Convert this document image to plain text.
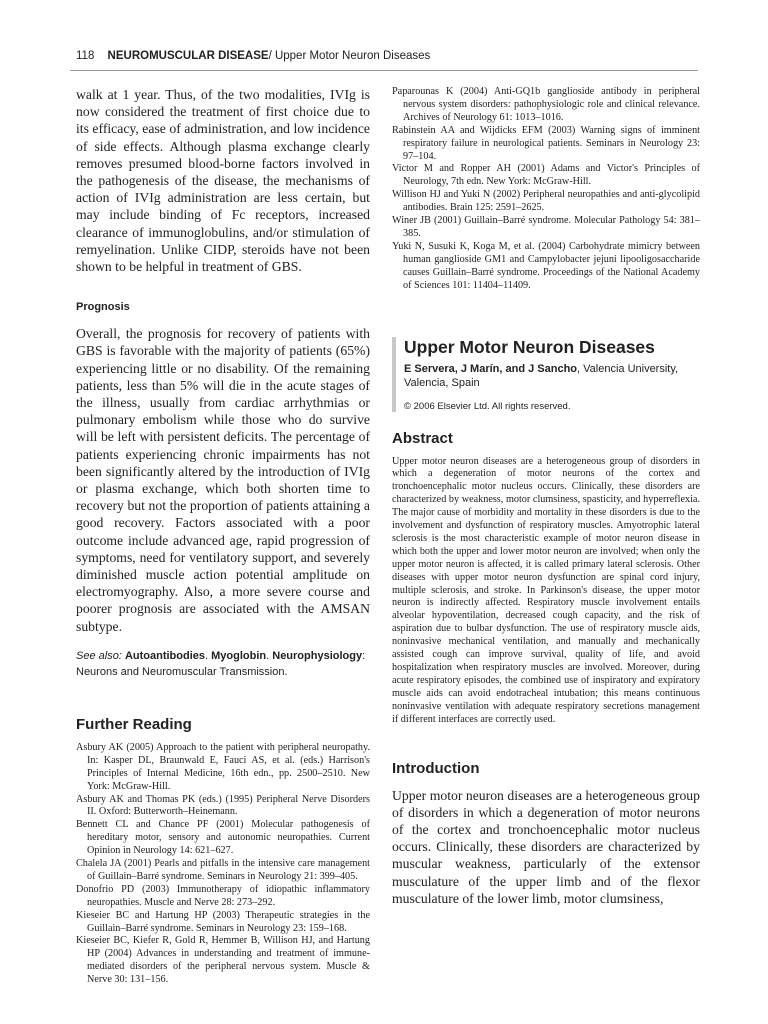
118 NEUROMUSCULAR DISEASE/ Upper Motor Neuron Diseases

walk at 1 year. Thus, of the two modalities, IVIg is now considered the treatment of first choice due to its efficacy, ease of administration, and low incidence of side effects. Although plasma exchange clearly removes presumed blood-borne factors involved in the pathogenesis of the disease, the mechanisms of action of IVIg administration are less certain, but may include binding of Fc receptors, increased clearance of immunoglobulins, and/or stimulation of remyelination. Unlike CIDP, steroids have not been shown to be helpful in treatment of GBS.

Prognosis

Overall, the prognosis for recovery of patients with GBS is favorable with the majority of patients (65%) experiencing little or no disability. Of the remaining patients, less than 5% will die in the acute stages of the illness, usually from cardiac arrhythmias or pulmonary embolism while those who do survive will be left with persistent deficits. The percentage of patients experiencing chronic impairments has not been significantly altered by the introduction of IVIg or plasma exchange, which both shorten time to recovery but not the proportion of patients attaining a good recovery. Factors associated with a poor outcome include advanced age, rapid progression of symptoms, need for ventilatory support, and severely diminished muscle action potential amplitude on electromyography. Also, a more severe course and poorer prognosis are associated with the AMSAN subtype.

See also: Autoantibodies. Myoglobin. Neurophysiology: Neurons and Neuromuscular Transmission.

Further Reading
Asbury AK (2005) Approach to the patient with peripheral neuropathy. In: Kasper DL, Braunwald E, Fauci AS, et al. (eds.) Harrison's Principles of Internal Medicine, 16th edn., pp. 2500–2510. New York: McGraw-Hill.
Asbury AK and Thomas PK (eds.) (1995) Peripheral Nerve Disorders II. Oxford: Butterworth–Heinemann.
Bennett CL and Chance PF (2001) Molecular pathogenesis of hereditary motor, sensory and autonomic neuropathies. Current Opinion in Neurology 14: 621–627.
Chalela JA (2001) Pearls and pitfalls in the intensive care management of Guillain–Barré syndrome. Seminars in Neurology 21: 399–405.
Donofrio PD (2003) Immunotherapy of idiopathic inflammatory neuropathies. Muscle and Nerve 28: 273–292.
Kieseier BC and Hartung HP (2003) Therapeutic strategies in the Guillain–Barré syndrome. Seminars in Neurology 23: 159–168.
Kieseier BC, Kiefer R, Gold R, Hemmer B, Willison HJ, and Hartung HP (2004) Advances in understanding and treatment of immune-mediated disorders of the peripheral nervous system. Muscle & Nerve 30: 131–156.
Paparounas K (2004) Anti-GQ1b ganglioside antibody in peripheral nervous system disorders: pathophysiologic role and clinical relevance. Archives of Neurology 61: 1013–1016.
Rabinstein AA and Wijdicks EFM (2003) Warning signs of imminent respiratory failure in neurological patients. Seminars in Neurology 23: 97–104.
Victor M and Ropper AH (2001) Adams and Victor's Principles of Neurology, 7th edn. New York: McGraw-Hill.
Willison HJ and Yuki N (2002) Peripheral neuropathies and anti-glycolipid antibodies. Brain 125: 2591–2625.
Winer JB (2001) Guillain–Barré syndrome. Molecular Pathology 54: 381–385.
Yuki N, Susuki K, Koga M, et al. (2004) Carbohydrate mimicry between human ganglioside GM1 and Campylobacter jejuni lipooligosaccharide causes Guillain–Barré syndrome. Proceedings of the National Academy of Sciences 101: 11404–11409.
Upper Motor Neuron Diseases

E Servera, J Marín, and J Sancho, Valencia University, Valencia, Spain

© 2006 Elsevier Ltd. All rights reserved.

Abstract

Upper motor neuron diseases are a heterogeneous group of disorders in which a degeneration of motor neurons of the cortex and tronchoencephalic motor nucleus occurs. Clinically, these disorders are characterized by weakness, motor clumsiness, spasticity, and hyperreflexia. The major cause of morbidity and mortality in these disorders is due to the involvement and dysfunction of respiratory muscles. Amyotrophic lateral sclerosis is the most characteristic example of motor neuron disease in which both the upper and lower motor neuron are involved; when only the upper motor neuron is affected, it is called primary lateral sclerosis. Other diseases with upper motor neuron dysfunction are spinal cord injury, multiple sclerosis, and stroke. In Parkinson's disease, the upper motor neuron is indirectly affected. Respiratory muscle involvement entails alveolar hypoventilation, decreased cough capacity, and the risk of aspiration due to bulbar dysfunction. The use of respiratory muscle aids, noninvasive mechanical ventilation, and manually and mechanically assisted cough can improve survival, quality of life, and avoid hospitalization when respiratory muscles are involved. Moreover, during acute respiratory episodes, the combined use of inspiratory and expiratory muscle aids can avoid endotracheal intubation; this means continuous noninvasive ventilation with adequate respiratory secretions management if different interfaces are correctly used.

Introduction

Upper motor neuron diseases are a heterogeneous group of disorders in which a degeneration of motor neurons of the cortex and tronchoencephalic motor nucleus occurs. Clinically, these disorders are characterized by muscular weakness, particularly of the extensor musculature of the upper limb and of the flexor musculature of the lower limb, motor clumsiness,
